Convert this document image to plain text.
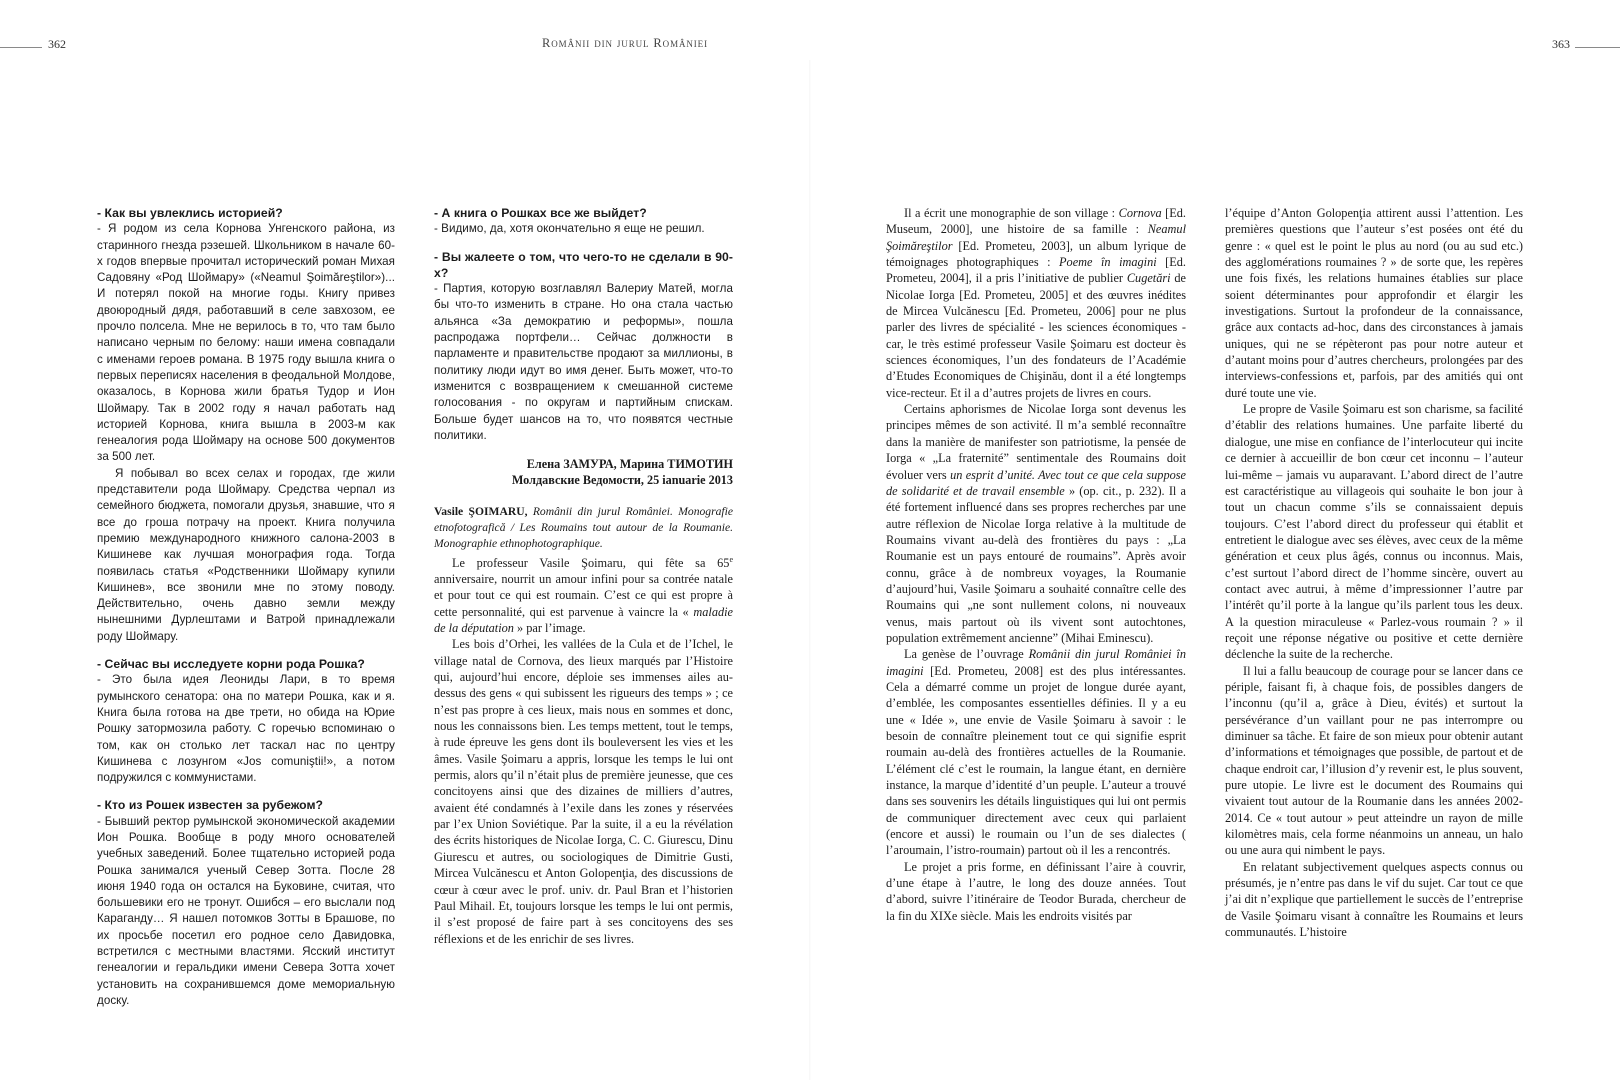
362	Românii din jurul României	363

- Как вы увлеклись историей?

- Я родом из села Корнова Унгенского района, из старинного гнезда рэзешей. Школьником в начале 60-х годов впервые прочитал исторический роман Михая Садовяну «Род Шоймару» («Neamul Şoimăreştilor»)... И потерял покой на многие годы. Книгу привез двоюродный дядя, работавший в селе завхозом, ее прочло полсела. Мне не верилось в то, что там было написано черным по белому: наши имена совпадали с именами героев романа. В 1975 году вышла книга о первых переписях населения в феодальной Молдове, оказалось, в Корнова жили братья Тудор и Ион Шоймару. Так в 2002 году я начал работать над историей Корнова, книга вышла в 2003-м как генеалогия рода Шоймару на основе 500 документов за 500 лет.

Я побывал во всех селах и городах, где жили представители рода Шоймару. Средства черпал из семейного бюджета, помогали друзья, знавшие, что я все до гроша потрачу на проект. Книга получила премию международного книжного салона-2003 в Кишиневе как лучшая монография года. Тогда появилась статья «Родственники Шоймару купили Кишинев», все звонили мне по этому поводу. Действительно, очень давно земли между нынешними Дурлештами и Ватрой принадлежали роду Шоймару.

- Сейчас вы исследуете корни рода Рошка?

- Это была идея Леониды Лари, в то время румынского сенатора: она по матери Рошка, как и я. Книга была готова на две трети, но обида на Юрие Рошку затормозила работу. С горечью вспоминаю о том, как он столько лет таскал нас по центру Кишинева с лозунгом «Jos comuniştii!», а потом подружился с коммунистами.

- Кто из Рошек известен за рубежом?

- Бывший ректор румынской экономической академии Ион Рошка. Вообще в роду много основателей учебных заведений. Более тщательно историей рода Рошка занимался ученый Север Зотта. После 28 июня 1940 года он остался на Буковине, считая, что большевики его не тронут. Ошибся – его выслали под Караганду… Я нашел потомков Зотты в Брашове, по их просьбе посетил его родное село Давидовка, встретился с местными властями. Ясский институт генеалогии и геральдики имени Севера Зотта хочет установить на сохранившемся доме мемориальную доску.

- А книга о Рошках все же выйдет?

- Видимо, да, хотя окончательно я еще не решил.

- Вы жалеете о том, что чего-то не сделали в 90-х?

- Партия, которую возглавлял Валериу Матей, могла бы что-то изменить в стране. Но она стала частью альянса «За демократию и реформы», пошла распродажа портфели… Сейчас должности в парламенте и правительстве продают за миллионы, в политику люди идут во имя денег. Быть может, что-то изменится с возвращением к смешанной системе голосования - по округам и партийным спискам. Больше будет шансов на то, что появятся честные политики.

Елена ЗАМУРА, Марина ТИМОТИН
Молдавские Ведомости, 25 ianuarie 2013

Vasile ŞOIMARU, Românii din jurul României. Monografie etnofotografică / Les Roumains tout autour de la Roumanie. Monographie ethnophotographique.

Le professeur Vasile Şoimaru, qui fête sa 65e anniversaire, nourrit un amour infini pour sa contrée natale et pour tout ce qui est roumain. C’est ce qui est propre à cette personnalité, qui est parvenue à vaincre la « maladie de la députation » par l’image.

Les bois d’Orhei, les vallées de la Cula et de l’Ichel, le village natal de Cornova, des lieux marqués par l’Histoire qui, aujourd’hui encore, déploie ses immenses ailes au-dessus des gens « qui subissent les rigueurs des temps » ; ce n’est pas propre à ces lieux, mais nous en sommes et donc, nous les connaissons bien. Les temps mettent, tout le temps, à rude épreuve les gens dont ils bouleversent les vies et les âmes. Vasile Şoimaru a appris, lorsque les temps le lui ont permis, alors qu’il n’était plus de première jeunesse, que ces concitoyens ainsi que des dizaines de milliers d’autres, avaient été condamnés à l’exile dans les zones y réservées par l’ex Union Soviétique. Par la suite, il a eu la révélation des écrits historiques de Nicolae Iorga, C. C. Giurescu, Dinu Giurescu et autres, ou sociologiques de Dimitrie Gusti, Mircea Vulcănescu et Anton Golopenţia, des discussions de cœur à cœur avec le prof. univ. dr. Paul Bran et l’historien Paul Mihail. Et, toujours lorsque les temps le lui ont permis, il s’est proposé de faire part à ses concitoyens des ses réflexions et de les enrichir de ses livres.

Il a écrit une monographie de son village : Cornova [Ed. Museum, 2000], une histoire de sa famille : Neamul Şoimăreştilor [Ed. Prometeu, 2003], un album lyrique de témoignages photographiques : Poeme în imagini [Ed. Prometeu, 2004], il a pris l’initiative de publier Cugetări de Nicolae Iorga [Ed. Prometeu, 2005] et des œuvres inédites de Mircea Vulcănescu [Ed. Prometeu, 2006] pour ne plus parler des livres de spécialité - les sciences économiques - car, le très estimé professeur Vasile Şoimaru est docteur ès sciences économiques, l’un des fondateurs de l’Académie d’Etudes Economiques de Chişinău, dont il a été longtemps vice-recteur. Et il a d’autres projets de livres en cours.

Certains aphorismes de Nicolae Iorga sont devenus les principes mêmes de son activité. Il m’a semblé reconnaître dans la manière de manifester son patriotisme, la pensée de Iorga « „La fraternité” sentimentale des Roumains doit évoluer vers un esprit d’unité. Avec tout ce que cela suppose de solidarité et de travail ensemble » (op. cit., p. 232). Il a été fortement influencé dans ses propres recherches par une autre réflexion de Nicolae Iorga relative à la multitude de Roumains vivant au-delà des frontières du pays : „La Roumanie est un pays entouré de roumains”. Après avoir connu, grâce à de nombreux voyages, la Roumanie d’aujourd’hui, Vasile Şoimaru a souhaité connaître celle des Roumains qui „ne sont nullement colons, ni nouveaux venus, mais partout où ils vivent sont autochtones, population extrêmement ancienne” (Mihai Eminescu).

La genèse de l’ouvrage Românii din jurul României în imagini [Ed. Prometeu, 2008] est des plus intéressantes. Cela a démarré comme un projet de longue durée ayant, d’emblée, les composantes essentielles définies. Il y a eu une « Idée », une envie de Vasile Şoimaru à savoir : le besoin de connaître pleinement tout ce qui signifie esprit roumain au-delà des frontières actuelles de la Roumanie. L’élément clé c’est le roumain, la langue étant, en dernière instance, la marque d’identité d’un peuple. L’auteur a trouvé dans ses souvenirs les détails linguistiques qui lui ont permis de communiquer directement avec ceux qui parlaient (encore et aussi) le roumain ou l’un de ses dialectes ( l’aroumain, l’istro-roumain) partout où il les a rencontrés.

Le projet a pris forme, en définissant l’aire à couvrir, d’une étape à l’autre, le long des douze années. Tout d’abord, suivre l’itinéraire de Teodor Burada, chercheur de la fin du XIXe siècle. Mais les endroits visités par

l’équipe d’Anton Golopenţia attirent aussi l’attention. Les premières questions que l’auteur s’est posées ont été du genre : « quel est le point le plus au nord (ou au sud etc.) des agglomérations roumaines ? » de sorte que, les repères une fois fixés, les relations humaines établies sur place soient déterminantes pour approfondir et élargir les investigations. Surtout la profondeur de la connaissance, grâce aux contacts ad-hoc, dans des circonstances à jamais uniques, qui ne se répèteront pas pour notre auteur et d’autant moins pour d’autres chercheurs, prolongées par des interviews-confessions et, parfois, par des amitiés qui ont duré toute une vie.

Le propre de Vasile Şoimaru est son charisme, sa facilité d’établir des relations humaines. Une parfaite liberté du dialogue, une mise en confiance de l’interlocuteur qui incite ce dernier à accueillir de bon cœur cet inconnu – l’auteur lui-même – jamais vu auparavant. L’abord direct de l’autre est caractéristique au villageois qui souhaite le bon jour à tout un chacun comme s’ils se connaissaient depuis toujours. C’est l’abord direct du professeur qui établit et entretient le dialogue avec ses élèves, avec ceux de la même génération et ceux plus âgés, connus ou inconnus. Mais, c’est surtout l’abord direct de l’homme sincère, ouvert au contact avec autrui, à même d’impressionner l’autre par l’intérêt qu’il porte à la langue qu’ils parlent tous les deux. A la question miraculeuse « Parlez-vous roumain ? » il reçoit une réponse négative ou positive et cette dernière déclenche la suite de la recherche.

Il lui a fallu beaucoup de courage pour se lancer dans ce périple, faisant fi, à chaque fois, de possibles dangers de l’inconnu (qu’il a, grâce à Dieu, évités) et surtout la persévérance d’un vaillant pour ne pas interrompre ou diminuer sa tâche. Et faire de son mieux pour obtenir autant d’informations et témoignages que possible, de partout et de chaque endroit car, l’illusion d’y revenir est, le plus souvent, pure utopie. Le livre est le document des Roumains qui vivaient tout autour de la Roumanie dans les années 2002-2014. Ce « tout autour » peut atteindre un rayon de mille kilomètres mais, cela forme néanmoins un anneau, un halo ou une aura qui nimbent le pays.

En relatant subjectivement quelques aspects connus ou présumés, je n’entre pas dans le vif du sujet. Car tout ce que j’ai dit n’explique que partiellement le succès de l’entreprise de Vasile Şoimaru visant à connaître les Roumains et leurs communautés. L’histoire
